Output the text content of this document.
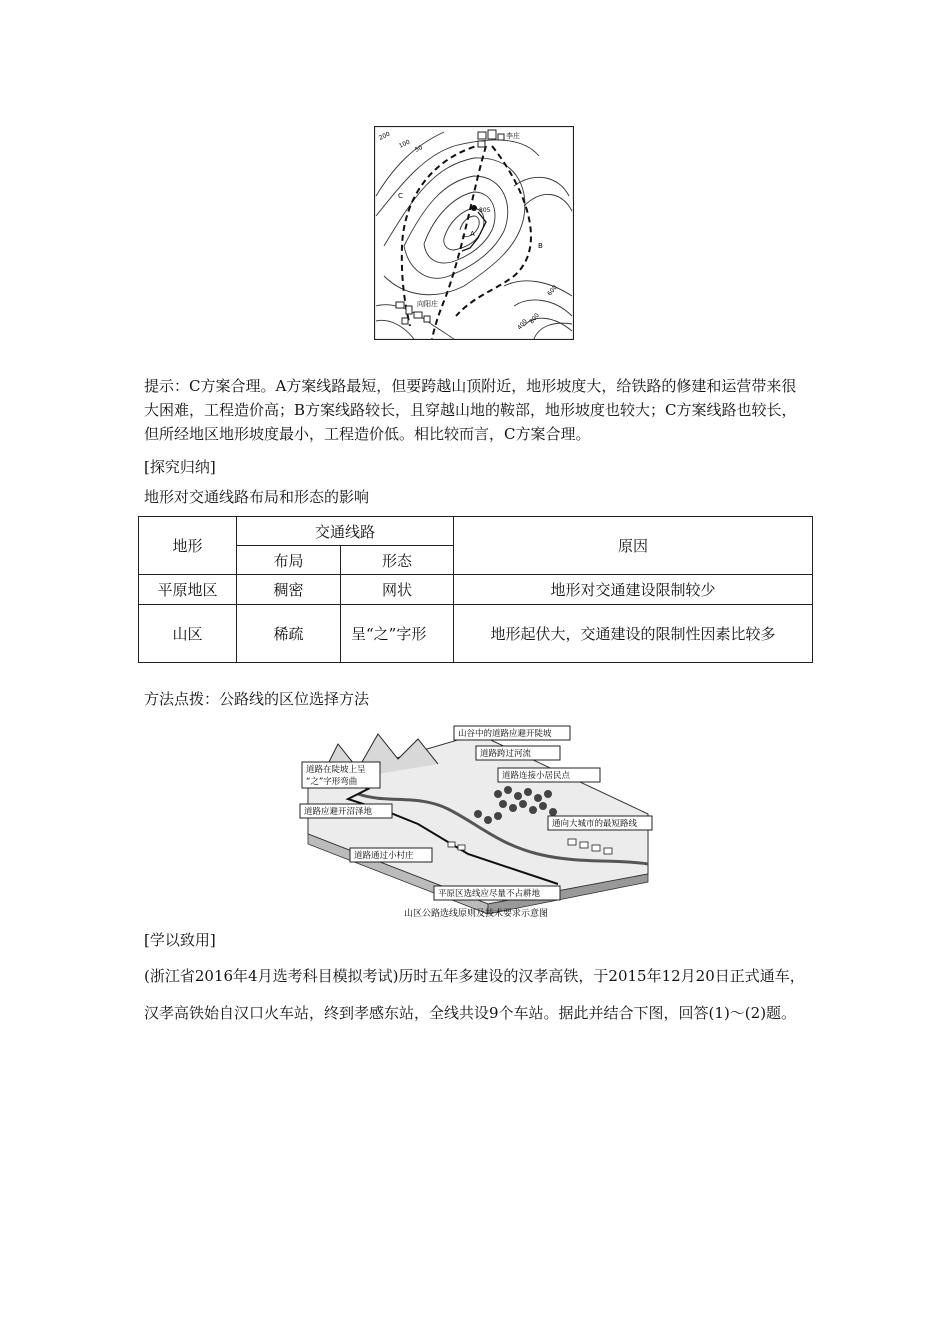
李庄
向阳庄
805
A
B
C
200
100 50
600
800
400

提示：C方案合理。A方案线路最短，但要跨越山顶附近，地形坡度大，给铁路的修建和运营带来很大困难，工程造价高；B方案线路较长，且穿越山地的鞍部，地形坡度也较大；C方案线路也较长，但所经地区地形坡度最小，工程造价低。相比较而言，C方案合理。

[探究归纳]

地形对交通线路布局和形态的影响

地形	交通线路		原因
	布局	形态	
平原地区	稠密	网状	地形对交通建设限制较少
山区	稀疏	呈“之”字形	地形起伏大，交通建设的限制性因素比较多

方法点拨：公路线的区位选择方法

山谷中的道路应避开陡坡
道路跨过河流
道路在陡坡上呈
“之”字形弯曲
道路连接小居民点
道路应避开沼泽地
通向大城市的最短路线
道路通过小村庄
平原区选线应尽量不占耕地
山区公路选线原则及技术要求示意图

[学以致用]

(浙江省2016年4月选考科目模拟考试)历时五年多建设的汉孝高铁，于2015年12月20日正式通车，汉孝高铁始自汉口火车站，终到孝感东站，全线共设9个车站。据此并结合下图，回答(1)～(2)题。
